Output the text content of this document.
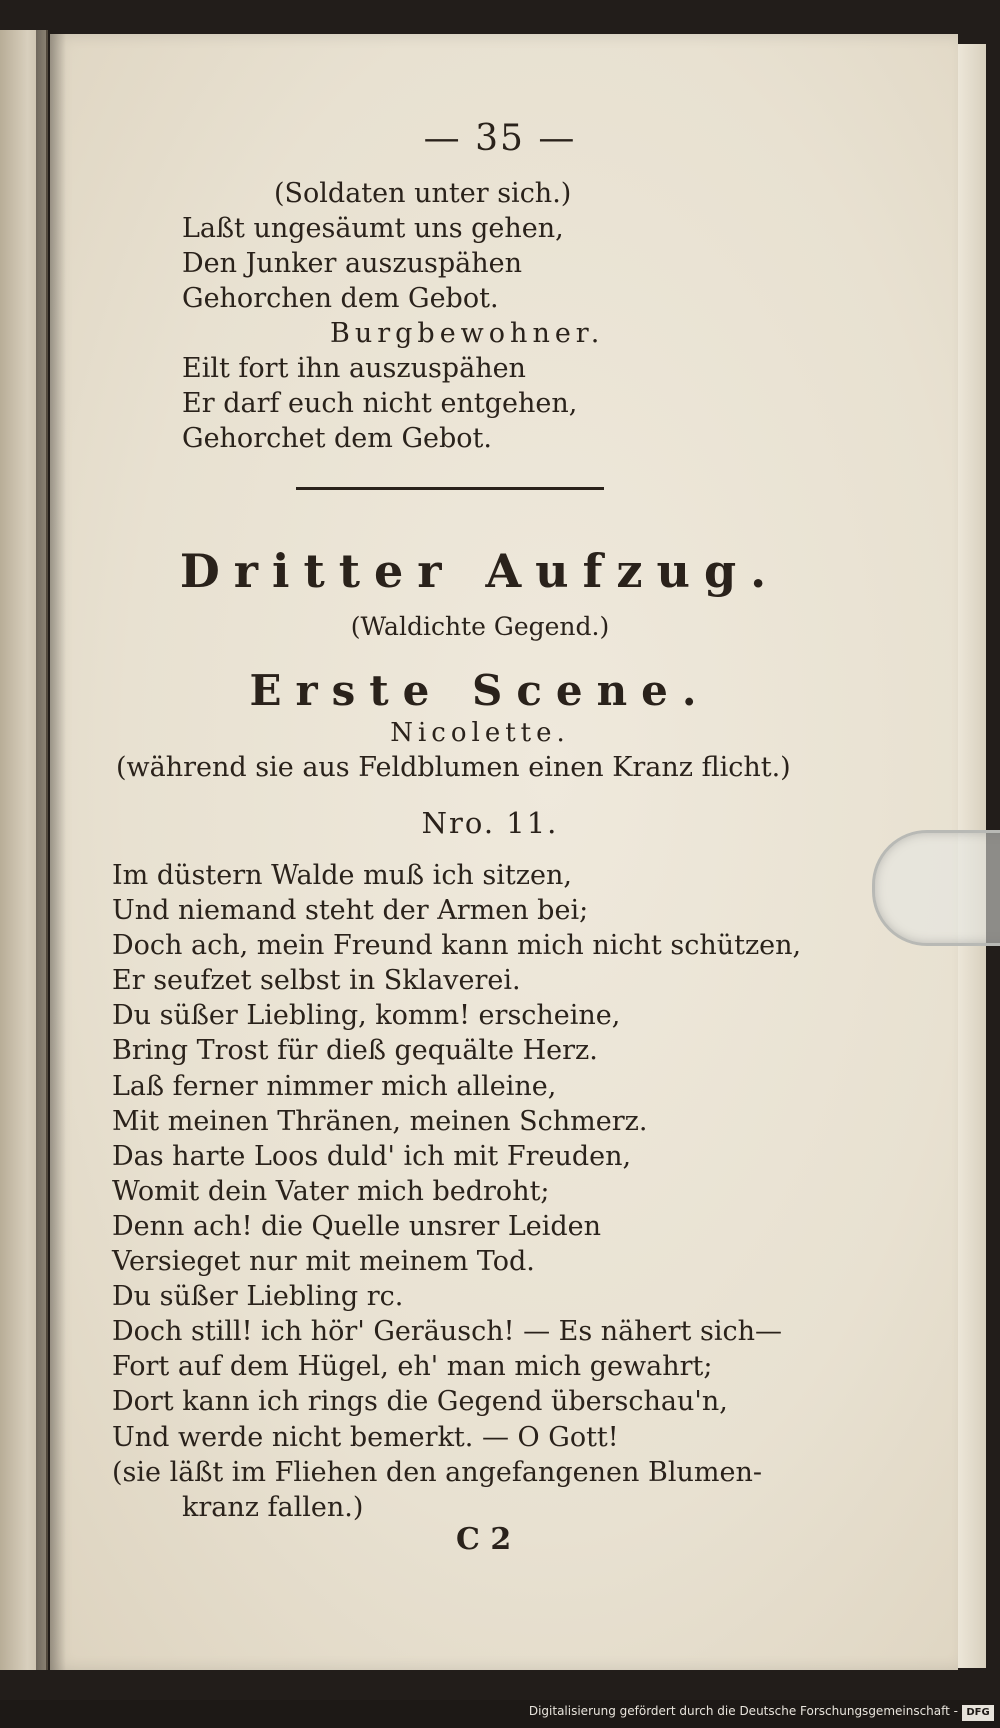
— 35 —
(Soldaten unter sich.)
Laßt ungesäumt uns gehen,
Den Junker auszuspähen
Gehorchen dem Gebot.
Burgbewohner.
Eilt fort ihn auszuspähen
Er darf euch nicht entgehen,
Gehorchet dem Gebot.
Dritter Aufzug.
(Waldichte Gegend.)
Erste Scene.
Nicolette.
(während sie aus Feldblumen einen Kranz flicht.)
Nro. 11.
Im düstern Walde muß ich sitzen,
Und niemand steht der Armen bei;
Doch ach, mein Freund kann mich nicht schützen,
Er seufzet selbst in Sklaverei.
Du süßer Liebling, komm! erscheine,
Bring Trost für dieß gequälte Herz.
Laß ferner nimmer mich alleine,
Mit meinen Thränen, meinen Schmerz.
Das harte Loos duld' ich mit Freuden,
Womit dein Vater mich bedroht;
Denn ach! die Quelle unsrer Leiden
Versieget nur mit meinem Tod.
Du süßer Liebling rc.
Doch still! ich hör' Geräusch! — Es nähert sich—
Fort auf dem Hügel, eh' man mich gewahrt;
Dort kann ich rings die Gegend überschau'n,
Und werde nicht bemerkt. — O Gott!
(sie läßt im Fliehen den angefangenen Blumen-
kranz fallen.)
C 2
Digitalisierung gefördert durch die Deutsche Forschungsgemeinschaft - DFG
